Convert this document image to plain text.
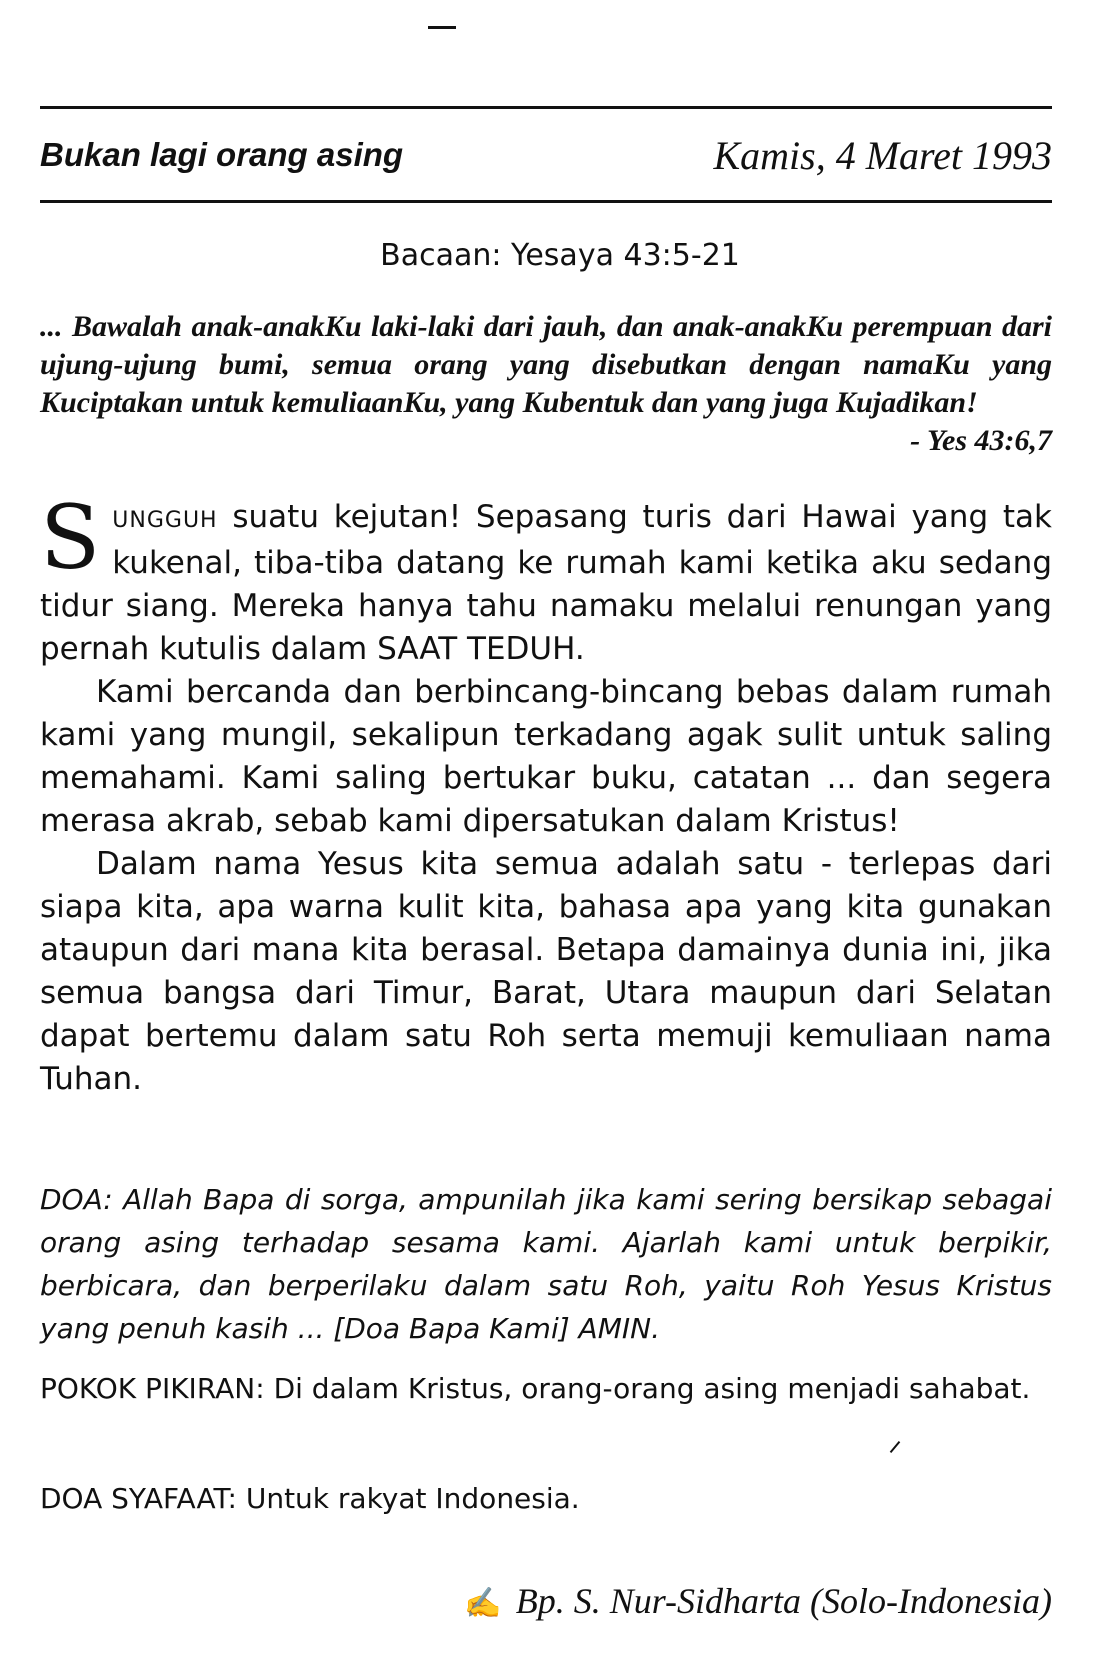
Bukan lagi orang asing	Kamis, 4 Maret 1993
Bacaan: Yesaya 43:5-21
... Bawalah anak-anakKu laki-laki dari jauh, dan anak-anakKu perempuan dari ujung-ujung bumi, semua orang yang disebutkan dengan namaKu yang Kuciptakan untuk kemuliaanKu, yang Kubentuk dan yang juga Kujadikan!
- Yes 43:6,7

SUNGGUH suatu kejutan! Sepasang turis dari Hawai yang tak kukenal, tiba-tiba datang ke rumah kami ketika aku sedang tidur siang. Mereka hanya tahu namaku melalui renungan yang pernah kutulis dalam SAAT TEDUH.

Kami bercanda dan berbincang-bincang bebas dalam rumah kami yang mungil, sekalipun terkadang agak sulit untuk saling memahami. Kami saling bertukar buku, catatan ... dan segera merasa akrab, sebab kami dipersatukan dalam Kristus!

Dalam nama Yesus kita semua adalah satu - terlepas dari siapa kita, apa warna kulit kita, bahasa apa yang kita gunakan ataupun dari mana kita berasal. Betapa damainya dunia ini, jika semua bangsa dari Timur, Barat, Utara maupun dari Selatan dapat bertemu dalam satu Roh serta memuji kemuliaan nama Tuhan.

DOA: Allah Bapa di sorga, ampunilah jika kami sering bersikap sebagai orang asing terhadap sesama kami. Ajarlah kami untuk berpikir, berbicara, dan berperilaku dalam satu Roh, yaitu Roh Yesus Kristus yang penuh kasih ... [Doa Bapa Kami] AMIN.
POKOK PIKIRAN: Di dalam Kristus, orang-orang asing menjadi sahabat.
DOA SYAFAAT: Untuk rakyat Indonesia.
✍ Bp. S. Nur-Sidharta (Solo-Indonesia)
